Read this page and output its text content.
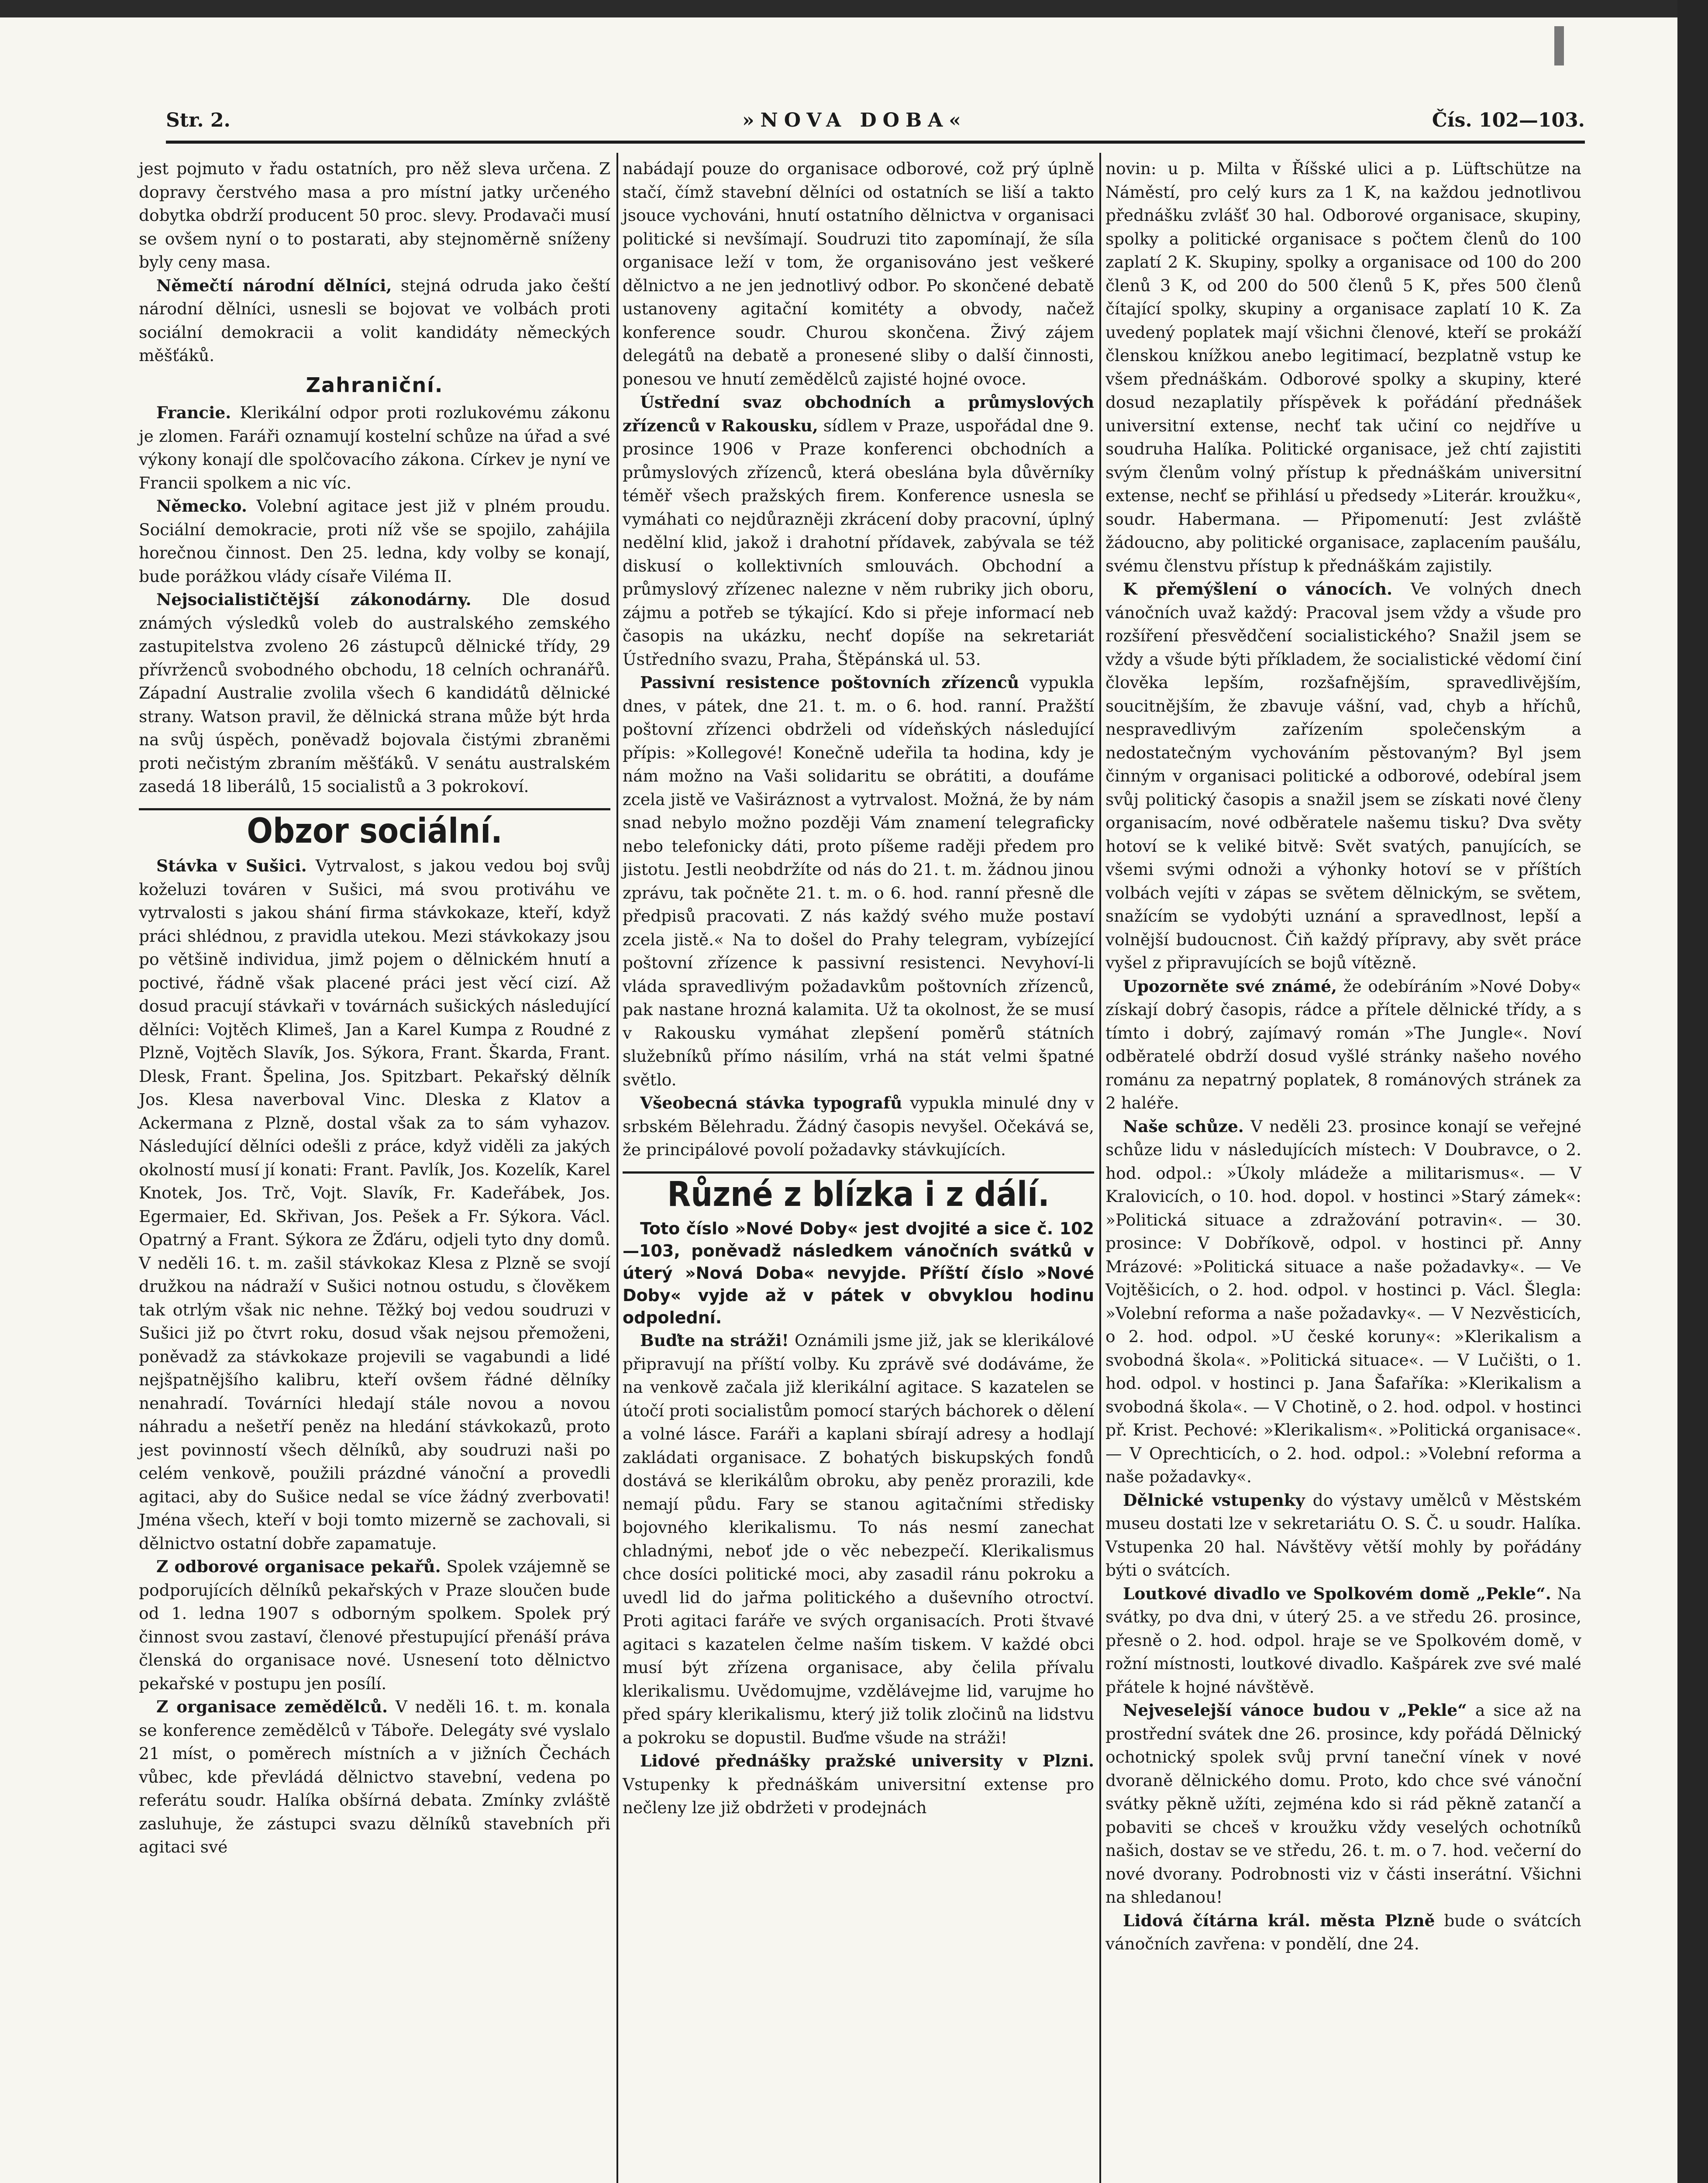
Str. 2.	»NOVA DOBA«	Čís. 102—103.

jest pojmuto v řadu ostatních, pro něž sleva určena. Z dopravy čerstvého masa a pro místní jatky určeného dobytka obdrží producent 50 proc. slevy. Prodavači musí se ovšem nyní o to postarati, aby stejnoměrně sníženy byly ceny masa.

Němečtí národní dělníci, stejná odruda jako čeští národní dělníci, usnesli se bojovat ve volbách proti sociální demokracii a volit kandidáty německých měšťáků.

Zahraniční.

Francie. Klerikální odpor proti rozlukovému zákonu je zlomen. Faráři oznamují kostelní schůze na úřad a své výkony konají dle spolčovacího zákona. Církev je nyní ve Francii spolkem a nic víc.

Německo. Volební agitace jest již v plném proudu. Sociální demokracie, proti níž vše se spojilo, zahájila horečnou činnost. Den 25. ledna, kdy volby se konají, bude porážkou vlády císaře Viléma II.

Nejsocialističtější zákonodárny. Dle dosud známých výsledků voleb do australského zemského zastupitelstva zvoleno 26 zástupců dělnické třídy, 29 přívrženců svobodného obchodu, 18 celních ochranářů. Západní Australie zvolila všech 6 kandidátů dělnické strany. Watson pravil, že dělnická strana může být hrda na svůj úspěch, poněvadž bojovala čistými zbraněmi proti nečistým zbraním měšťáků. V senátu australském zasedá 18 liberálů, 15 socialistů a 3 pokrokoví.

Obzor sociální.

Stávka v Sušici. Vytrvalost, s jakou vedou boj svůj koželuzi továren v Sušici, má svou protiváhu ve vytrvalosti s jakou shání firma stávkokaze, kteří, když práci shlédnou, z pravidla utekou. Mezi stávkokazy jsou po většině individua, jimž pojem o dělnickém hnutí a poctivé, řádně však placené práci jest věcí cizí. Až dosud pracují stávkaři v továrnách sušických následující dělníci: Vojtěch Klimeš, Jan a Karel Kumpa z Roudné z Plzně, Vojtěch Slavík, Jos. Sýkora, Frant. Škarda, Frant. Dlesk, Frant. Špelina, Jos. Spitzbart. Pekařský dělník Jos. Klesa naverboval Vinc. Dleska z Klatov a Ackermana z Plzně, dostal však za to sám vyhazov. Následující dělníci odešli z práce, když viděli za jakých okolností musí jí konati: Frant. Pavlík, Jos. Kozelík, Karel Knotek, Jos. Trč, Vojt. Slavík, Fr. Kadeřábek, Jos. Egermaier, Ed. Skřivan, Jos. Pešek a Fr. Sýkora. Václ. Opatrný a Frant. Sýkora ze Žďáru, odjeli tyto dny domů. V neděli 16. t. m. zašil stávkokaz Klesa z Plzně se svojí družkou na nádraží v Sušici notnou ostudu, s člověkem tak otrlým však nic nehne. Těžký boj vedou soudruzi v Sušici již po čtvrt roku, dosud však nejsou přemoženi, poněvadž za stávkokaze projevili se vagabundi a lidé nejšpatnějšího kalibru, kteří ovšem řádné dělníky nenahradí. Továrníci hledají stále novou a novou náhradu a nešetří peněz na hledání stávkokazů, proto jest povinností všech dělníků, aby soudruzi naši po celém venkově, použili prázdné vánoční a provedli agitaci, aby do Sušice nedal se více žádný zverbovati! Jména všech, kteří v boji tomto mizerně se zachovali, si dělnictvo ostatní dobře zapamatuje.

Z odborové organisace pekařů. Spolek vzájemně se podporujících dělníků pekařských v Praze sloučen bude od 1. ledna 1907 s odborným spolkem. Spolek prý činnost svou zastaví, členové přestupující přenáší práva členská do organisace nové. Usnesení toto dělnictvo pekařské v postupu jen posílí.

Z organisace zemědělců. V neděli 16. t. m. konala se konference zemědělců v Táboře. Delegáty své vyslalo 21 míst, o poměrech místních a v jižních Čechách vůbec, kde převládá dělnictvo stavební, vedena po referátu soudr. Halíka obšírná debata. Zmínky zvláště zasluhuje, že zástupci svazu dělníků stavebních při agitaci své

nabádají pouze do organisace odborové, což prý úplně stačí, čímž stavební dělníci od ostatních se liší a takto jsouce vychováni, hnutí ostatního dělnictva v organisaci politické si nevšímají. Soudruzi tito zapomínají, že síla organisace leží v tom, že organisováno jest veškeré dělnictvo a ne jen jednotlivý odbor. Po skončené debatě ustanoveny agitační komitéty a obvody, načež konference soudr. Churou skončena. Živý zájem delegátů na debatě a pronesené sliby o další činnosti, ponesou ve hnutí zemědělců zajisté hojné ovoce.

Ústřední svaz obchodních a průmyslových zřízenců v Rakousku, sídlem v Praze, uspořádal dne 9. prosince 1906 v Praze konferenci obchodních a průmyslových zřízenců, která obeslána byla důvěrníky téměř všech pražských firem. Konference usnesla se vymáhati co nejdůrazněji zkrácení doby pracovní, úplný nedělní klid, jakož i drahotní přídavek, zabývala se též diskusí o kollektivních smlouvách. Obchodní a průmyslový zřízenec nalezne v něm rubriky jich oboru, zájmu a potřeb se týkající. Kdo si přeje informací neb časopis na ukázku, nechť dopíše na sekretariát Ústředního svazu, Praha, Štěpánská ul. 53.

Passivní resistence poštovních zřízenců vypukla dnes, v pátek, dne 21. t. m. o 6. hod. ranní. Pražští poštovní zřízenci obdrželi od vídeňských následující přípis: »Kollegové! Konečně udeřila ta hodina, kdy je nám možno na Vaši solidaritu se obrátiti, a doufáme zcela jistě ve Vaširáznost a vytrvalost. Možná, že by nám snad nebylo možno později Vám znamení telegraficky nebo telefonicky dáti, proto píšeme raději předem pro jistotu. Jestli neobdržíte od nás do 21. t. m. žádnou jinou zprávu, tak počněte 21. t. m. o 6. hod. ranní přesně dle předpisů pracovati. Z nás každý svého muže postaví zcela jistě.« Na to došel do Prahy telegram, vybízející poštovní zřízence k passivní resistenci. Nevyhoví-li vláda spravedlivým požadavkům poštovních zřízenců, pak nastane hrozná kalamita. Už ta okolnost, že se musí v Rakousku vymáhat zlepšení poměrů státních služebníků přímo násilím, vrhá na stát velmi špatné světlo.

Všeobecná stávka typografů vypukla minulé dny v srbském Bělehradu. Žádný časopis nevyšel. Očekává se, že principálové povolí požadavky stávkujících.

Různé z blízka i z dálí.

Toto číslo »Nové Doby« jest dvojité a sice č. 102—103, poněvadž následkem vánočních svátků v úterý »Nová Doba« nevyjde. Příští číslo »Nové Doby« vyjde až v pátek v obvyklou hodinu odpolední.

Buďte na stráži! Oznámili jsme již, jak se klerikálové připravují na příští volby. Ku zprávě své dodáváme, že na venkově začala již klerikální agitace. S kazatelen se útočí proti socialistům pomocí starých báchorek o dělení a volné lásce. Faráři a kaplani sbírají adresy a hodlají zakládati organisace. Z bohatých biskupských fondů dostává se klerikálům obroku, aby peněz prorazili, kde nemají půdu. Fary se stanou agitačními středisky bojovného klerikalismu. To nás nesmí zanechat chladnými, neboť jde o věc nebezpečí. Klerikalismus chce dosíci politické moci, aby zasadil ránu pokroku a uvedl lid do jařma politického a duševního otroctví. Proti agitaci faráře ve svých organisacích. Proti štvavé agitaci s kazatelen čelme naším tiskem. V každé obci musí být zřízena organisace, aby čelila přívalu klerikalismu. Uvědomujme, vzdělávejme lid, varujme ho před spáry klerikalismu, který již tolik zločinů na lidstvu a pokroku se dopustil. Buďme všude na stráži!

Lidové přednášky pražské university v Plzni. Vstupenky k přednáškám universitní extense pro nečleny lze již obdržeti v prodejnách

novin: u p. Milta v Říšské ulici a p. Lüftschütze na Náměstí, pro celý kurs za 1 K, na každou jednotlivou přednášku zvlášť 30 hal. Odborové organisace, skupiny, spolky a politické organisace s počtem členů do 100 zaplatí 2 K. Skupiny, spolky a organisace od 100 do 200 členů 3 K, od 200 do 500 členů 5 K, přes 500 členů čítající spolky, skupiny a organisace zaplatí 10 K. Za uvedený poplatek mají všichni členové, kteří se prokáží členskou knížkou anebo legitimací, bezplatně vstup ke všem přednáškám. Odborové spolky a skupiny, které dosud nezaplatily příspěvek k pořádání přednášek universitní extense, nechť tak učiní co nejdříve u soudruha Halíka. Politické organisace, jež chtí zajistiti svým členům volný přístup k přednáškám universitní extense, nechť se přihlásí u předsedy »Literár. kroužku«, soudr. Habermana. — Připomenutí: Jest zvláště žádoucno, aby politické organisace, zaplacením paušálu, svému členstvu přístup k přednáškám zajistily.

K přemýšlení o vánocích. Ve volných dnech vánočních uvaž každý: Pracoval jsem vždy a všude pro rozšíření přesvědčení socialistického? Snažil jsem se vždy a všude býti příkladem, že socialistické vědomí činí člověka lepším, rozšafnějším, spravedlivějším, soucitnějším, že zbavuje vášní, vad, chyb a hříchů, nespravedlivým zařízením společenským a nedostatečným vychováním pěstovaným? Byl jsem činným v organisaci politické a odborové, odebíral jsem svůj politický časopis a snažil jsem se získati nové členy organisacím, nové odběratele našemu tisku? Dva světy hotoví se k veliké bitvě: Svět svatých, panujících, se všemi svými odnoži a výhonky hotoví se v příštích volbách vejíti v zápas se světem dělnickým, se světem, snažícím se vydobýti uznání a spravedlnost, lepší a volnější budoucnost. Čiň každý přípravy, aby svět práce vyšel z připravujících se bojů vítězně.

Upozorněte své známé, že odebíráním »Nové Doby« získají dobrý časopis, rádce a přítele dělnické třídy, a s tímto i dobrý, zajímavý román »The Jungle«. Noví odběratelé obdrží dosud vyšlé stránky našeho nového románu za nepatrný poplatek, 8 románových stránek za 2 haléře.

Naše schůze. V neděli 23. prosince konají se veřejné schůze lidu v následujících místech: V Doubravce, o 2. hod. odpol.: »Úkoly mládeže a militarismus«. — V Kralovicích, o 10. hod. dopol. v hostinci »Starý zámek«: »Politická situace a zdražování potravin«. — 30. prosince: V Dobříkově, odpol. v hostinci př. Anny Mrázové: »Politická situace a naše požadavky«. — Ve Vojtěšicích, o 2. hod. odpol. v hostinci p. Václ. Šlegla: »Volební reforma a naše požadavky«. — V Nezvěsticích, o 2. hod. odpol. »U české koruny«: »Klerikalism a svobodná škola«. »Politická situace«. — V Lučišti, o 1. hod. odpol. v hostinci p. Jana Šafaříka: »Klerikalism a svobodná škola«. — V Chotině, o 2. hod. odpol. v hostinci př. Krist. Pechové: »Klerikalism«. »Politická organisace«. — V Oprechticích, o 2. hod. odpol.: »Volební reforma a naše požadavky«.

Dělnické vstupenky do výstavy umělců v Městském museu dostati lze v sekretariátu O. S. Č. u soudr. Halíka. Vstupenka 20 hal. Návštěvy větší mohly by pořádány býti o svátcích.

Loutkové divadlo ve Spolkovém domě „Pekle“. Na svátky, po dva dni, v úterý 25. a ve středu 26. prosince, přesně o 2. hod. odpol. hraje se ve Spolkovém domě, v rožní místnosti, loutkové divadlo. Kašpárek zve své malé přátele k hojné návštěvě.

Nejveselejší vánoce budou v „Pekle“ a sice až na prostřední svátek dne 26. prosince, kdy pořádá Dělnický ochotnický spolek svůj první taneční vínek v nové dvoraně dělnického domu. Proto, kdo chce své vánoční svátky pěkně užíti, zejména kdo si rád pěkně zatančí a pobaviti se chceš v kroužku vždy veselých ochotníků našich, dostav se ve středu, 26. t. m. o 7. hod. večerní do nové dvorany. Podrobnosti viz v části inserátní. Všichni na shledanou!

Lidová čítárna král. města Plzně bude o svátcích vánočních zavřena: v pondělí, dne 24.
